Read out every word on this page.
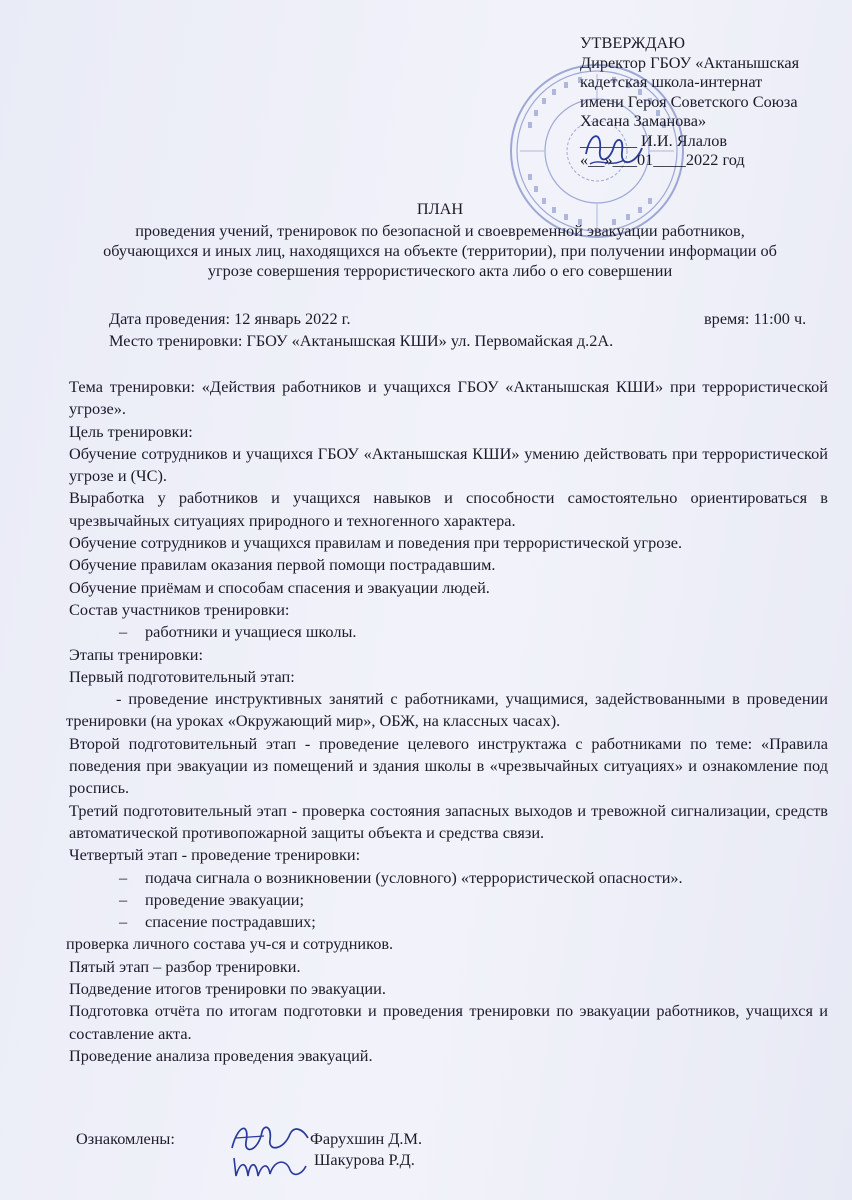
УТВЕРЖДАЮ
Директор ГБОУ «Актанышская
кадетская школа-интернат
имени Героя Советского Союза
Хасана Заманова»
_______ И.И. Ялалов
«__»___01____2022 год
ПЛАН
проведения учений, тренировок по безопасной и своевременной эвакуации работников,
обучающихся и иных лиц, находящихся на объекте (территории), при получении информации об
угрозе совершения террористического акта либо о его совершении
Дата проведения: 12 январь 2022 г.	время: 11:00 ч.
Место тренировки: ГБОУ «Актанышская КШИ» ул. Первомайская д.2А.
Тема тренировки: «Действия работников и учащихся ГБОУ «Актанышская КШИ» при террористической угрозе».
Цель тренировки:
Обучение сотрудников и учащихся ГБОУ «Актанышская КШИ» умению действовать при террористической угрозе и (ЧС).
Выработка у работников и учащихся навыков и способности самостоятельно ориентироваться в чрезвычайных ситуациях природного и техногенного характера.
Обучение сотрудников и учащихся правилам и поведения при террористической угрозе.
Обучение правилам оказания первой помощи пострадавшим.
Обучение приёмам и способам спасения и эвакуации людей.
Состав участников тренировки:
– работники и учащиеся школы.
Этапы тренировки:
Первый подготовительный этап:
- проведение инструктивных занятий с работниками, учащимися, задействованными в проведении тренировки (на уроках «Окружающий мир», ОБЖ, на классных часах).
Второй подготовительный этап - проведение целевого инструктажа с работниками по теме: «Правила поведения при эвакуации из помещений и здания школы в «чрезвычайных ситуациях» и ознакомление под роспись.
Третий подготовительный этап - проверка состояния запасных выходов и тревожной сигнализации, средств автоматической противопожарной защиты объекта и средства связи.
Четвертый этап - проведение тренировки:
– подача сигнала о возникновении (условного) «террористической опасности».
– проведение эвакуации;
– спасение пострадавших;
проверка личного состава уч-ся и сотрудников.
Пятый этап – разбор тренировки.
Подведение итогов тренировки по эвакуации.
Подготовка отчёта по итогам подготовки и проведения тренировки по эвакуации работников, учащихся и составление акта.
Проведение анализа проведения эвакуаций.
Ознакомлены:	Фарухшин Д.М.
Шакурова Р.Д.
